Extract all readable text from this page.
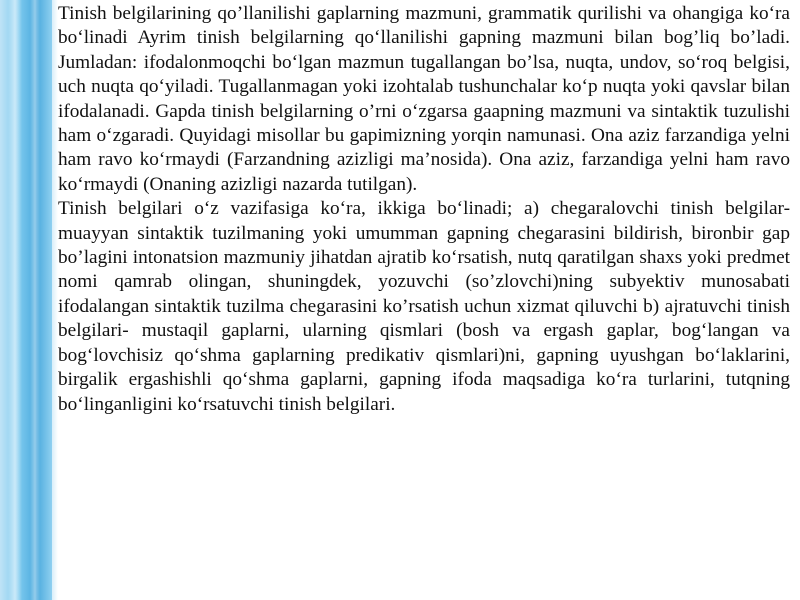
Tinish belgilarining qo’llanilishi gaplarning mazmuni, grammatik qurilishi va ohangiga ko‘ra bo‘linadi Ayrim tinish belgilarning qo‘llanilishi gapning mazmuni bilan bog’liq bo’ladi. Jumladan: ifodalonmoqchi bo‘lgan mazmun tugallangan bo’lsa, nuqta, undov, so‘roq belgisi, uch nuqta qo‘yiladi. Tugallanmagan yoki izohtalab tushunchalar ko‘p nuqta yoki qavslar bilan ifodalanadi. Gapda tinish belgilarning o’rni o‘zgarsa gaapning mazmuni va sintaktik tuzulishi ham o‘zgaradi. Quyidagi misollar bu gapimizning yorqin namunasi. Ona aziz farzandiga yelni ham ravo ko‘rmaydi (Farzandning azizligi ma’nosida). Ona aziz, farzandiga yelni ham ravo ko‘rmaydi (Onaning azizligi nazarda tutilgan).

Tinish belgilari o‘z vazifasiga ko‘ra, ikkiga bo‘linadi; a) chegaralovchi tinish belgilar- muayyan sintaktik tuzilmaning yoki umumman gapning chegarasini bildirish, bironbir gap bo’lagini intonatsion mazmuniy jihatdan ajratib ko‘rsatish, nutq qaratilgan shaxs yoki predmet nomi qamrab olingan, shuningdek, yozuvchi (so’zlovchi)ning subyektiv munosabati ifodalangan sintaktik tuzilma chegarasini ko’rsatish uchun xizmat qiluvchi b) ajratuvchi tinish belgilari- mustaqil gaplarni, ularning qismlari (bosh va ergash gaplar, bog‘langan va bog‘lovchisiz qo‘shma gaplarning predikativ qismlari)ni, gapning uyushgan bo‘laklarini, birgalik ergashishli qo‘shma gaplarni, gapning ifoda maqsadiga ko‘ra turlarini, tutqning bo‘linganligini ko‘rsatuvchi tinish belgilari.
